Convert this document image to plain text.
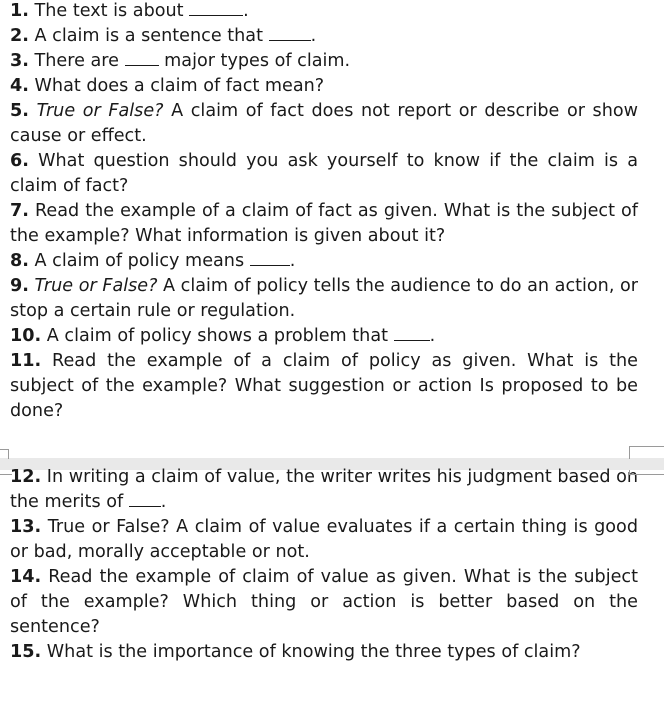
1. The text is about	.

2. A claim is a sentence that .

3. There are  major types of claim.

4. What does a claim of fact mean?

5. True or False? A claim of fact does not report or describe or show cause or effect.

6. What question should you ask yourself to know if the claim is a claim of fact?

7. Read the example of a claim of fact as given. What is the subject of the example? What information is given about it?

8. A claim of policy means .

9. True or False? A claim of policy tells the audience to do an action, or stop a certain rule or regulation.

10. A claim of policy shows a problem that .

11. Read the example of a claim of policy as given. What is the subject of the example? What suggestion or action Is proposed to be done?

12. In writing a claim of value, the writer writes his judgment based on the merits of .

13. True or False? A claim of value evaluates if a certain thing is good or bad, morally acceptable or not.

14. Read the example of claim of value as given. What is the subject of the example? Which thing or action is better based on the sentence?

15. What is the importance of knowing the three types of claim?
